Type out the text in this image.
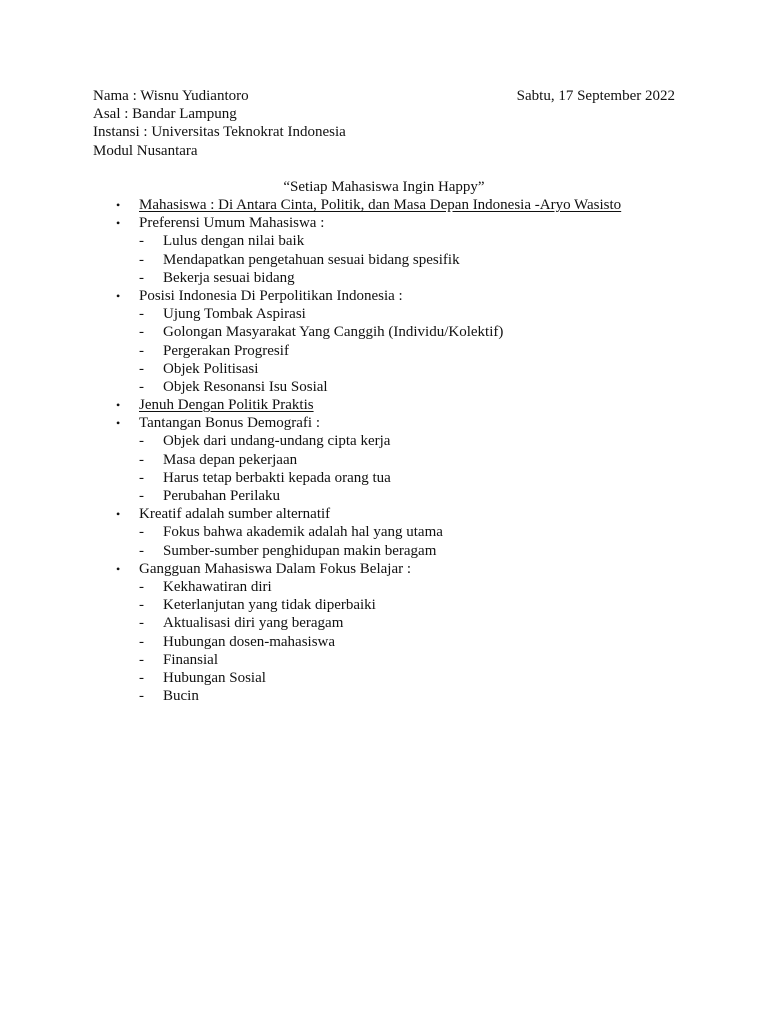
Nama : Wisnu Yudiantoro	Sabtu, 17 September 2022
Asal : Bandar Lampung
Instansi : Universitas Teknokrat Indonesia
Modul Nusantara
“Setiap Mahasiswa Ingin Happy”
• Mahasiswa : Di Antara Cinta, Politik, dan Masa Depan Indonesia -Aryo Wasisto
• Preferensi Umum Mahasiswa :
- Lulus dengan nilai baik
- Mendapatkan pengetahuan sesuai bidang spesifik
- Bekerja sesuai bidang
• Posisi Indonesia Di Perpolitikan Indonesia :
- Ujung Tombak Aspirasi
- Golongan Masyarakat Yang Canggih (Individu/Kolektif)
- Pergerakan Progresif
- Objek Politisasi
- Objek Resonansi Isu Sosial
• Jenuh Dengan Politik Praktis
• Tantangan Bonus Demografi :
- Objek dari undang-undang cipta kerja
- Masa depan pekerjaan
- Harus tetap berbakti kepada orang tua
- Perubahan Perilaku
• Kreatif adalah sumber alternatif
- Fokus bahwa akademik adalah hal yang utama
- Sumber-sumber penghidupan makin beragam
• Gangguan Mahasiswa Dalam Fokus Belajar :
- Kekhawatiran diri
- Keterlanjutan yang tidak diperbaiki
- Aktualisasi diri yang beragam
- Hubungan dosen-mahasiswa
- Finansial
- Hubungan Sosial
- Bucin
